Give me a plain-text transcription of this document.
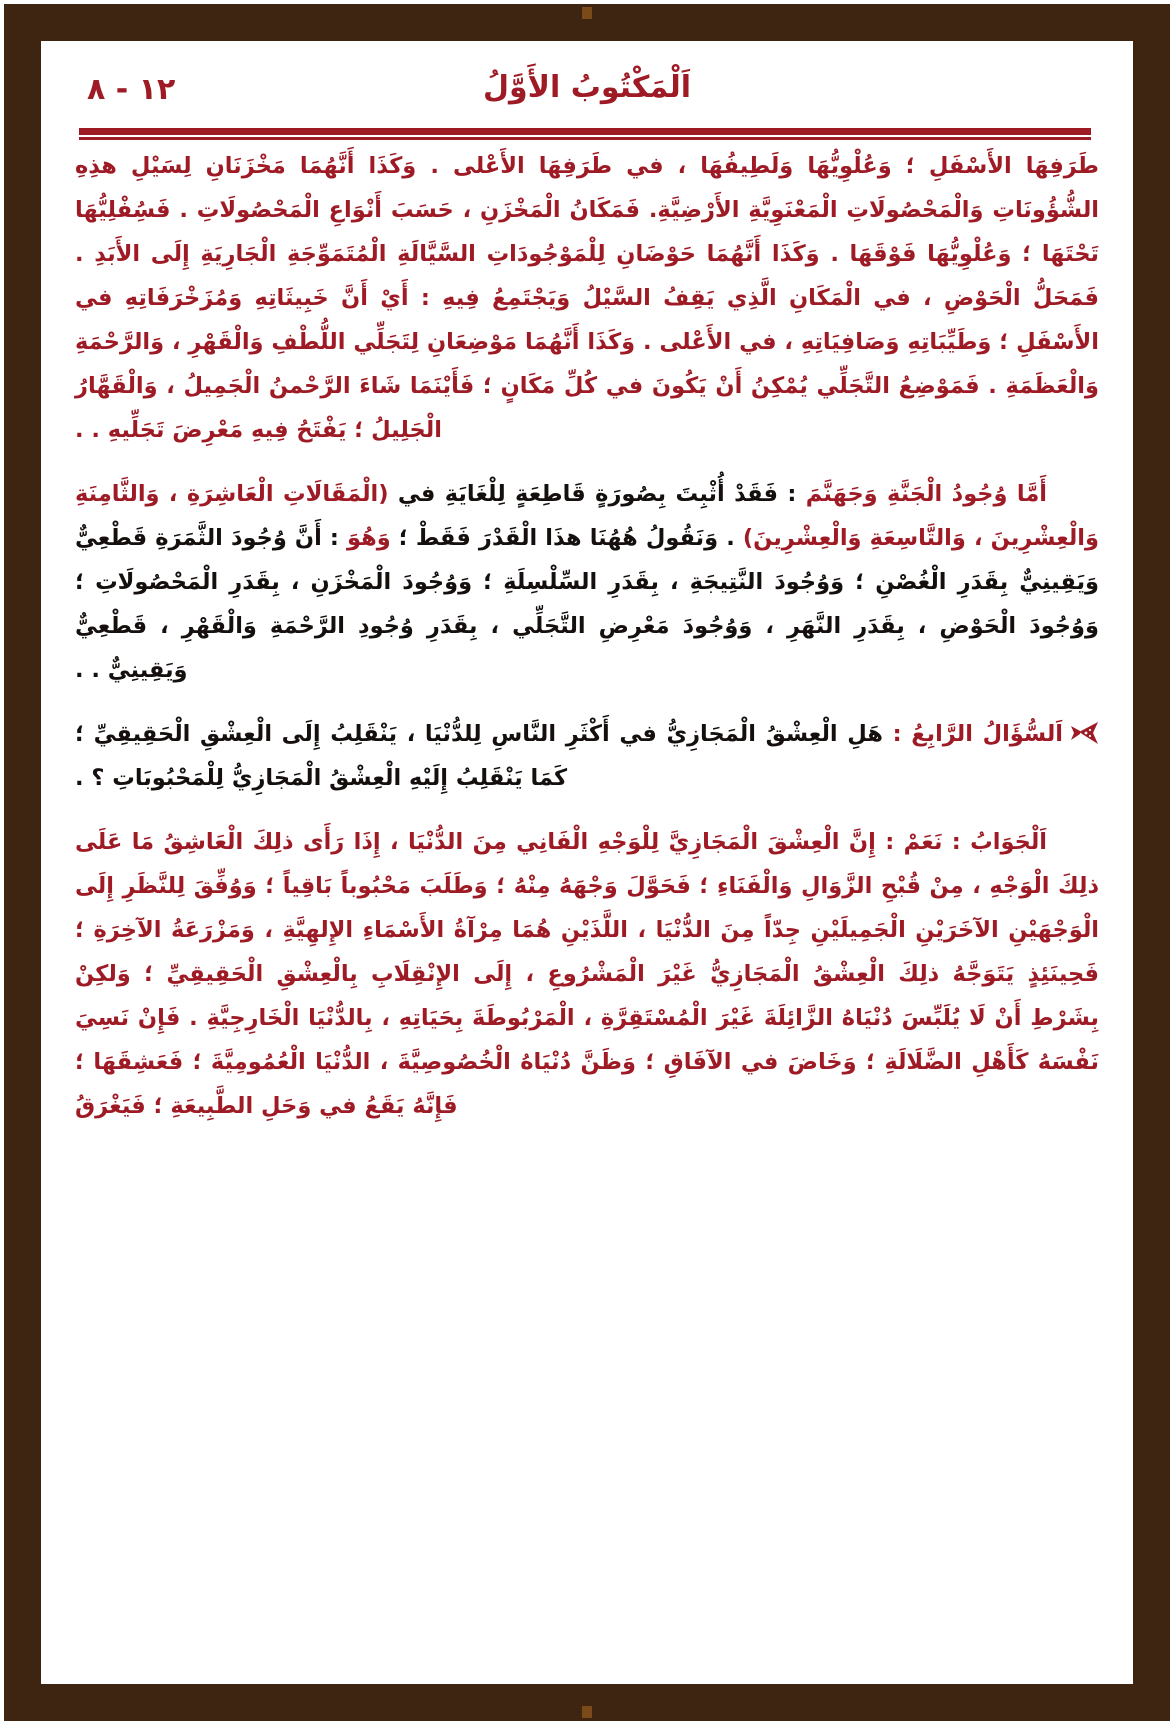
١٢ - ٨	اَلْمَكْتُوبُ الأَوَّلُ

طَرَفِهَا الأَسْفَلِ ؛ وَعُلْوِيُّهَا وَلَطِيفُهَا ، في طَرَفِهَا الأَعْلى . وَكَذَا أَنَّهُمَا مَخْزَنَانِ لِسَيْلِ هذِهِ الشُّؤُونَاتِ وَالْمَحْصُولَاتِ الْمَعْنَوِيَّةِ الأَرْضِيَّةِ. فَمَكَانُ الْمَخْزَنِ ، حَسَبَ أَنْوَاعِ الْمَحْصُولَاتِ . فَسُِفْلِيُّهَا تَحْتَهَا ؛ وَعُلْوِيُّهَا فَوْقَهَا . وَكَذَا أَنَّهُمَا حَوْضَانِ لِلْمَوْجُودَاتِ السَّيَّالَةِ الْمُتَمَوِّجَةِ الْجَارِيَةِ إِلَى الأَبَدِ . فَمَحَلُّ الْحَوْضِ ، في الْمَكَانِ الَّذِي يَقِفُ السَّيْلُ وَيَجْتَمِعُ فِيهِ : أَيْ أَنَّ خَبِيثَاتِهِ وَمُزَخْرَفَاتِهِ في الأَسْفَلِ ؛ وَطَيِّبَاتِهِ وَصَافِيَاتِهِ ، في الأَعْلى . وَكَذَا أَنَّهُمَا مَوْضِعَانِ لِتَجَلِّي اللُّطْفِ وَالْقَهْرِ ، وَالرَّحْمَةِ وَالْعَظَمَةِ . فَمَوْضِعُ التَّجَلِّي يُمْكِنُ أَنْ يَكُونَ في كُلِّ مَكَانٍ ؛ فَأَيْنَمَا شَاءَ الرَّحْمنُ الْجَمِيلُ ، وَالْقَهَّارُ الْجَلِيلُ ؛ يَفْتَحُ فِيهِ مَعْرِضَ تَجَلِّيهِ . .

أَمَّا وُجُودُ الْجَنَّةِ وَجَهَنَّمَ : فَقَدْ أُثْبِتَ بِصُورَةٍ قَاطِعَةٍ لِلْغَايَةِ في (الْمَقَالَاتِ الْعَاشِرَةِ ، وَالثَّامِنَةِ وَالْعِشْرِينَ ، وَالتَّاسِعَةِ وَالْعِشْرِينَ) . وَنَقُولُ هُهُنَا هذَا الْقَدْرَ فَقَطْ ؛ وَهُوَ : أَنَّ وُجُودَ الثَّمَرَةِ قَطْعِيٌّ وَيَقِينِيٌّ بِقَدَرِ الْغُصْنِ ؛ وَوُجُودَ النَّتِيجَةِ ، بِقَدَرِ السِّلْسِلَةِ ؛ وَوُجُودَ الْمَخْزَنِ ، بِقَدَرِ الْمَحْصُولَاتِ ؛ وَوُجُودَ الْحَوْضِ ، بِقَدَرِ النَّهَرِ ، وَوُجُودَ مَعْرِضِ التَّجَلِّي ، بِقَدَرِ وُجُودِ الرَّحْمَةِ وَالْقَهْرِ ، قَطْعِيٌّ وَيَقِينِيٌّ . .

اَلسُّؤَالُ الرَّابِعُ : هَلِ الْعِشْقُ الْمَجَازِيُّ في أَكْثَرِ النَّاسِ لِلدُّنْيَا ، يَنْقَلِبُ إِلَى الْعِشْقِ الْحَقِيقِيِّ ؛ كَمَا يَنْقَلِبُ إِلَيْهِ الْعِشْقُ الْمَجَازِيُّ لِلْمَحْبُوبَاتِ ؟ .

اَلْجَوَابُ : نَعَمْ : إِنَّ الْعِشْقَ الْمَجَازِيَّ لِلْوَجْهِ الْفَانِي مِنَ الدُّنْيَا ، إِذَا رَأَى ذلِكَ الْعَاشِقُ مَا عَلَى ذلِكَ الْوَجْهِ ، مِنْ قُبْحِ الزَّوَالِ وَالْفَنَاءِ ؛ فَحَوَّلَ وَجْهَهُ مِنْهُ ؛ وَطَلَبَ مَحْبُوباً بَاقِياً ؛ وَوُفِّقَ لِلنَّظَرِ إِلَى الْوَجْهَيْنِ الآخَرَيْنِ الْجَمِيلَيْنِ جِدّاً مِنَ الدُّنْيَا ، اللَّذَيْنِ هُمَا مِرْآةُ الأَسْمَاءِ الإِلهِيَّةِ ، وَمَزْرَعَةُ الآخِرَةِ ؛ فَحِينَئِذٍ يَتَوَجَّهُ ذلِكَ الْعِشْقُ الْمَجَازِيُّ غَيْرَ الْمَشْرُوعِ ، إِلَى الإِنْقِلَابِ بِالْعِشْقِ الْحَقِيقِيِّ ؛ وَلكِنْ بِشَرْطِ أَنْ لَا يُلَبِّسَ دُنْيَاهُ الزَّائِلَةَ غَيْرَ الْمُسْتَقِرَّةِ ، الْمَرْبُوطَةَ بِحَيَاتِهِ ، بِالدُّنْيَا الْخَارِجِيَّةِ . فَإِنْ نَسِيَ نَفْسَهُ كَأَهْلِ الضَّلَالَةِ ؛ وَخَاضَ في الآفَاقِ ؛ وَظَنَّ دُنْيَاهُ الْخُصُوصِيَّةَ ، الدُّنْيَا الْعُمُومِيَّةَ ؛ فَعَشِقَهَا ؛ فَإِنَّهُ يَقَعُ في وَحَلِ الطَّبِيعَةِ ؛ فَيَغْرَقُ
